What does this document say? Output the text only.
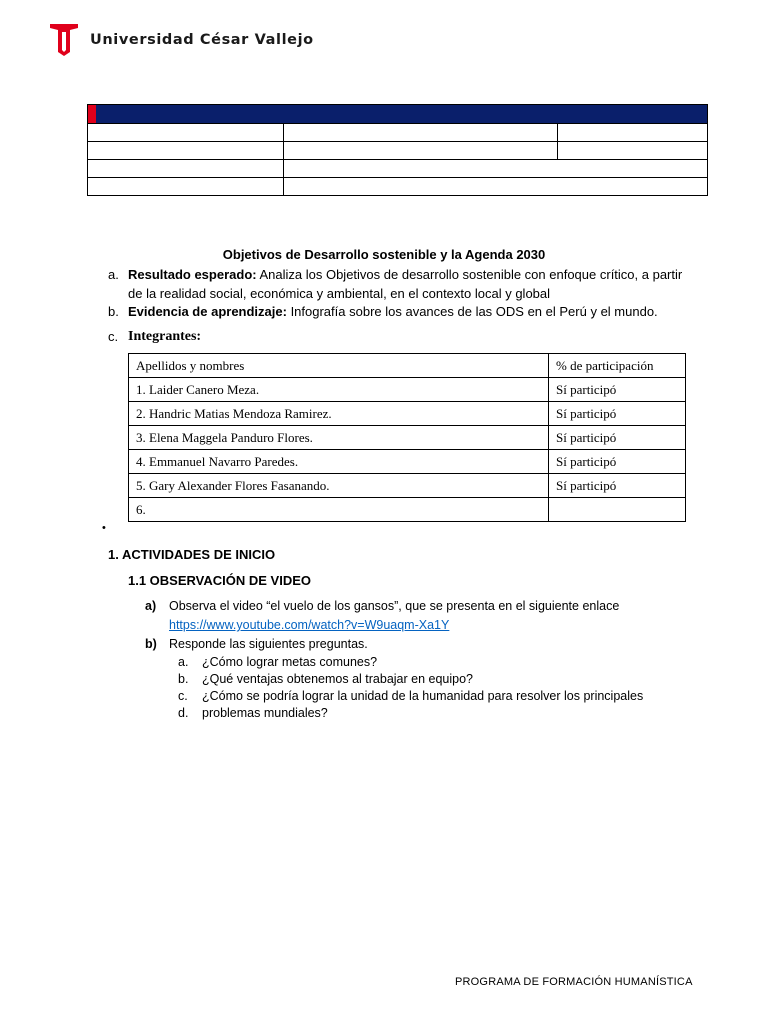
Universidad César Vallejo

Objetivos de Desarrollo sostenible y la Agenda 2030
a. Resultado esperado: Analiza los Objetivos de desarrollo sostenible con enfoque crítico, a partir
de la realidad social, económica y ambiental, en el contexto local y global
b. Evidencia de aprendizaje: Infografía sobre los avances de las ODS en el Perú y el mundo.
c. Integrantes:
Apellidos y nombres	% de participación
1. Laider Canero Meza.	Sí participó
2. Handric Matias Mendoza Ramirez.	Sí participó
3. Elena Maggela Panduro Flores.	Sí participó
4. Emmanuel Navarro Paredes.	Sí participó
5. Gary Alexander Flores Fasanando.	Sí participó
6.	
•
1. ACTIVIDADES DE INICIO
1.1 OBSERVACIÓN DE VIDEO
a) Observa el video “el vuelo de los gansos”, que se presenta en el siguiente enlace
https://www.youtube.com/watch?v=W9uaqm-Xa1Y
b) Responde las siguientes preguntas.
a. ¿Cómo lograr metas comunes?
b. ¿Qué ventajas obtenemos al trabajar en equipo?
c. ¿Cómo se podría lograr la unidad de la humanidad para resolver los principales
d. problemas mundiales?
PROGRAMA DE FORMACIÓN HUMANÍSTICA
